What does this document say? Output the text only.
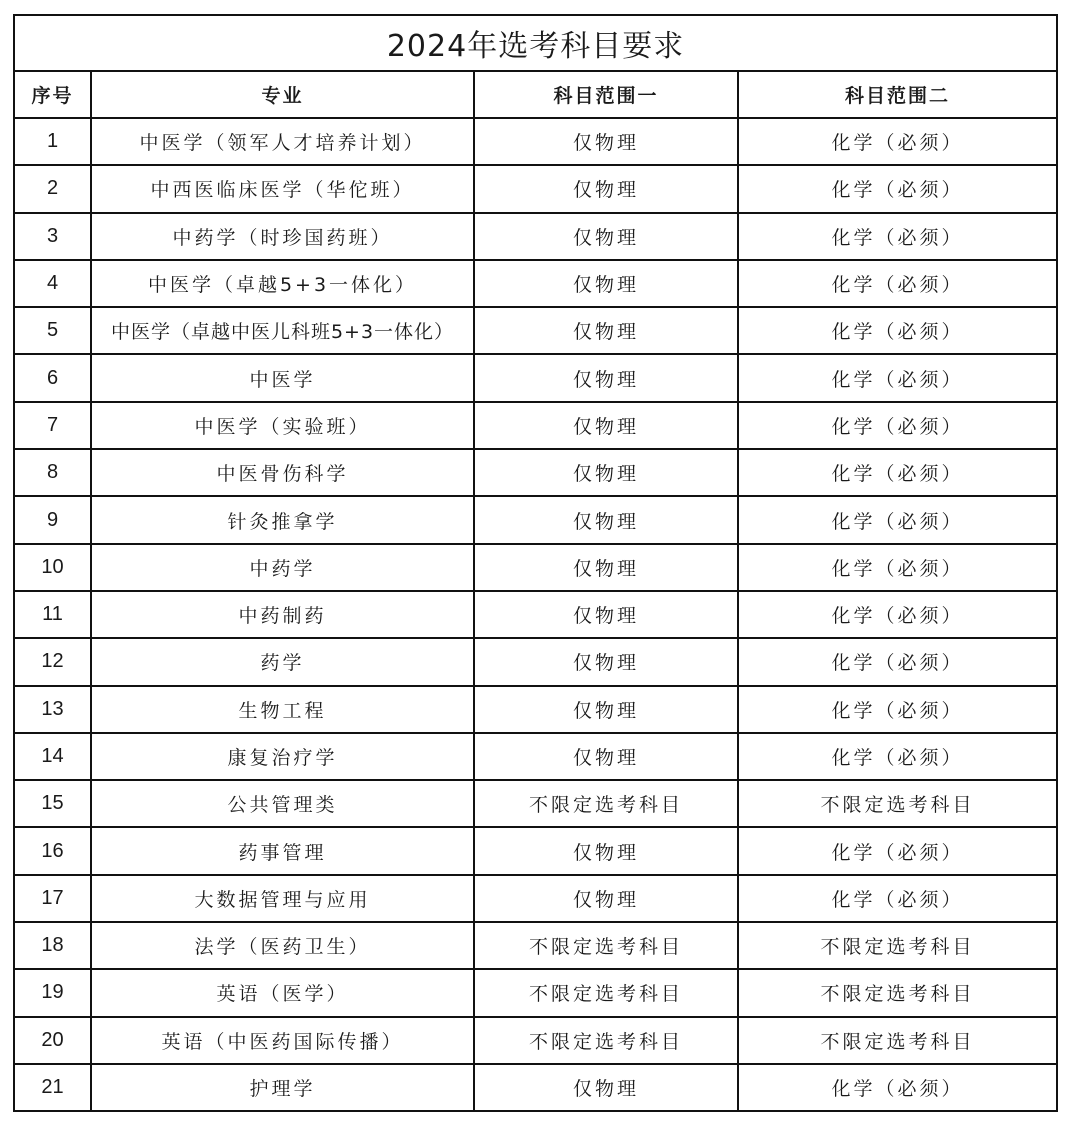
2024年选考科目要求			
序号	专业	科目范围一	科目范围二
1	中医学（领军人才培养计划）	仅物理	化学（必须）
2	中西医临床医学（华佗班）	仅物理	化学（必须）
3	中药学（时珍国药班）	仅物理	化学（必须）
4	中医学（卓越5+3一体化）	仅物理	化学（必须）
5	中医学（卓越中医儿科班5+3一体化）	仅物理	化学（必须）
6	中医学	仅物理	化学（必须）
7	中医学（实验班）	仅物理	化学（必须）
8	中医骨伤科学	仅物理	化学（必须）
9	针灸推拿学	仅物理	化学（必须）
10	中药学	仅物理	化学（必须）
11	中药制药	仅物理	化学（必须）
12	药学	仅物理	化学（必须）
13	生物工程	仅物理	化学（必须）
14	康复治疗学	仅物理	化学（必须）
15	公共管理类	不限定选考科目	不限定选考科目
16	药事管理	仅物理	化学（必须）
17	大数据管理与应用	仅物理	化学（必须）
18	法学（医药卫生）	不限定选考科目	不限定选考科目
19	英语（医学）	不限定选考科目	不限定选考科目
20	英语（中医药国际传播）	不限定选考科目	不限定选考科目
21	护理学	仅物理	化学（必须）
